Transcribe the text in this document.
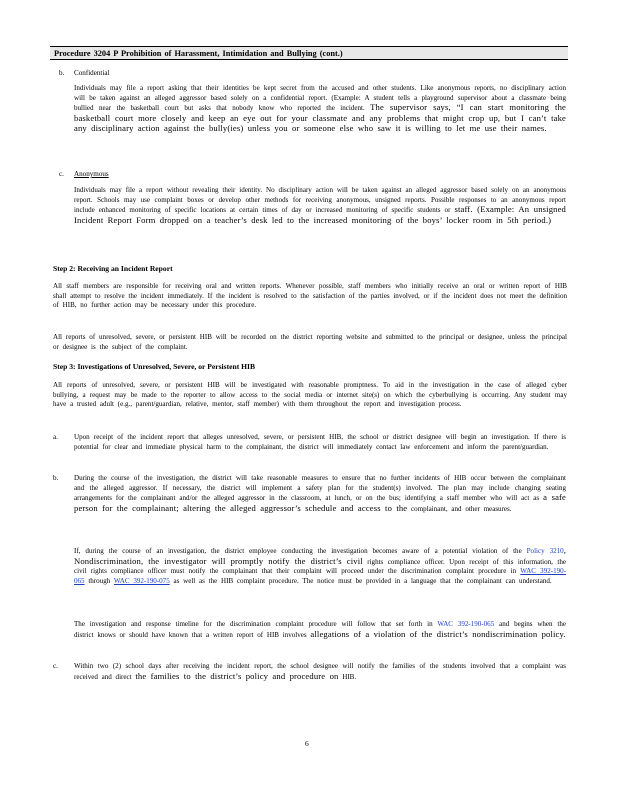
Procedure 3204 P Prohibition of Harassment, Intimidation and Bullying (cont.)
b. Confidential
Individuals may file a report asking that their identities be kept secret from the accused and other students. Like anonymous reports, no disciplinary action will be taken against an alleged aggressor based solely on a confidential report. (Example: A student tells a playground supervisor about a classmate being bullied near the basketball court but asks that nobody know who reported the incident. The supervisor says, “I can start monitoring the basketball court more closely and keep an eye out for your classmate and any problems that might crop up, but I can’t take any disciplinary action against the bully(ies) unless you or someone else who saw it is willing to let me use their names.
c. Anonymous
Individuals may file a report without revealing their identity. No disciplinary action will be taken against an alleged aggressor based solely on an anonymous report. Schools may use complaint boxes or develop other methods for receiving anonymous, unsigned reports. Possible responses to an anonymous report include enhanced monitoring of specific locations at certain times of day or increased monitoring of specific students or staff. (Example: An unsigned Incident Report Form dropped on a teacher’s desk led to the increased monitoring of the boys’ locker room in 5th period.)
Step 2: Receiving an Incident Report
All staff members are responsible for receiving oral and written reports. Whenever possible, staff members who initially receive an oral or written report of HIB shall attempt to resolve the incident immediately. If the incident is resolved to the satisfaction of the parties involved, or if the incident does not meet the definition of HIB, no further action may be necessary under this procedure.
All reports of unresolved, severe, or persistent HIB will be recorded on the district reporting website and submitted to the principal or designee, unless the principal or designee is the subject of the complaint.
Step 3: Investigations of Unresolved, Severe, or Persistent HIB
All reports of unresolved, severe, or persistent HIB will be investigated with reasonable promptness. To aid in the investigation in the case of alleged cyber bullying, a request may be made to the reporter to allow access to the social media or internet site(s) on which the cyberbullying is occurring. Any student may have a trusted adult (e.g., parent/guardian, relative, mentor, staff member) with them throughout the report and investigation process.
a. Upon receipt of the incident report that alleges unresolved, severe, or persistent HIB, the school or district designee will begin an investigation. If there is potential for clear and immediate physical harm to the complainant, the district will immediately contact law enforcement and inform the parent/guardian.
b. During the course of the investigation, the district will take reasonable measures to ensure that no further incidents of HIB occur between the complainant and the alleged aggressor. If necessary, the district will implement a safety plan for the student(s) involved. The plan may include changing seating arrangements for the complainant and/or the alleged aggressor in the classroom, at lunch, or on the bus; identifying a staff member who will act as a safe person for the complainant; altering the alleged aggressor’s schedule and access to the complainant, and other measures.
If, during the course of an investigation, the district employee conducting the investigation becomes aware of a potential violation of the Policy 3210, Nondiscrimination, the investigator will promptly notify the district’s civil rights compliance officer. Upon receipt of this information, the civil rights compliance officer must notify the complainant that their complaint will proceed under the discrimination complaint procedure in WAC 392-190-065 through WAC 392-190-075 as well as the HIB complaint procedure. The notice must be provided in a language that the complainant can understand.
The investigation and response timeline for the discrimination complaint procedure will follow that set forth in WAC 392-190-065 and begins when the district knows or should have known that a written report of HIB involves allegations of a violation of the district’s nondiscrimination policy.
c. Within two (2) school days after receiving the incident report, the school designee will notify the families of the students involved that a complaint was received and direct the families to the district’s policy and procedure on HIB.
6
